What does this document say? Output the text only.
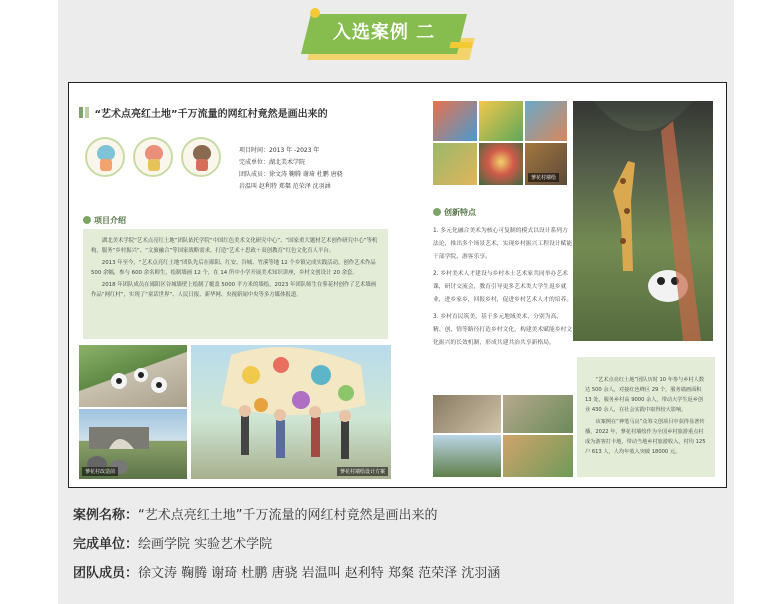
入选案例 二
“艺术点亮红土地”千万流量的网红村竟然是画出来的
项目时间：2013 年 -2023 年
完成单位：湖北美术学院
团队成员：徐文涛 鞠腾 谢琦 杜鹏 唐骁
岩温叫 赵利特 郑粲 范荣泽 沈羽涵
项目介绍

湖北美术学院“艺术点亮红土地”团队依托学院“中国红色美术文化研究中心”、“国家重大题材艺术创作研究中心”等机构，服务“乡村振兴”、“文旅融合”等国家战略需求，打造“艺术＋思政＋双创教育”红色文化育人平台。

2013 年至今，“艺术点亮红土地”团队先后在郧阳、红安、谷城、竹溪等地 12 个乡镇完成实践活动，创作艺术作品 500 余幅，参与 600 余名师生，绘制墙画 12 个，在 14 所中小学开展美术知识讲座，乡村文创设计 20 余套。

2018 年团队成员在郧阳区谷城墙壁上绘制了覆盖 5000 平方米的墙绘，2023 年团队师生在蓼花村创作了艺术墙画作品“网红村”，实现了“童话世界”、人民日报、新华网、央视新闻中央等多方媒体报道。

蓼花村改造前	蓼花村墙绘设计方案
蓼花村墙绘
创新特点

1. 多元化融合美术为核心可复制的模式以设计系列方法论，推出多个场景艺术，实现乡村振兴工程设计赋能干部学院、游客乐享。

2. 乡村美术人才建设与乡村本土艺术家共同举办艺术课，研讨交流会，教育引导更多艺术类大学生返乡就业，进乡家乡，回报乡村，促进乡村艺术人才的培养。

3. 乡村育民筑美，基于多元地域美术，分别为高、精、创、情等路径打造乡村文化，构建美术赋能乡村文化振兴的长效机制，形成共建共治共享新格局。

“艺术点亮红土地”团队历时 10 年参与乡村人数达 500 余人，对接红色峰区 29 个，服务墙画面积 13 处，服务乡村高 9000 余人，带动大学生返乡创业 430 余人，在社会实践中取得较大影响。

该案例在“神笔马良”众筹文创项目中获得显著传播，2022 年，蓼花村墙绘作为全国乡村旅游重点村成为游客打卡地，带动当地乡村旅游收入，村均 125 户 613 人，人均年收入突破 18000 元。

案例名称：“艺术点亮红土地”千万流量的网红村竟然是画出来的
完成单位：绘画学院 实验艺术学院
团队成员：徐文涛 鞠腾 谢琦 杜鹏 唐骁 岩温叫 赵利特 郑粲 范荣泽 沈羽涵
